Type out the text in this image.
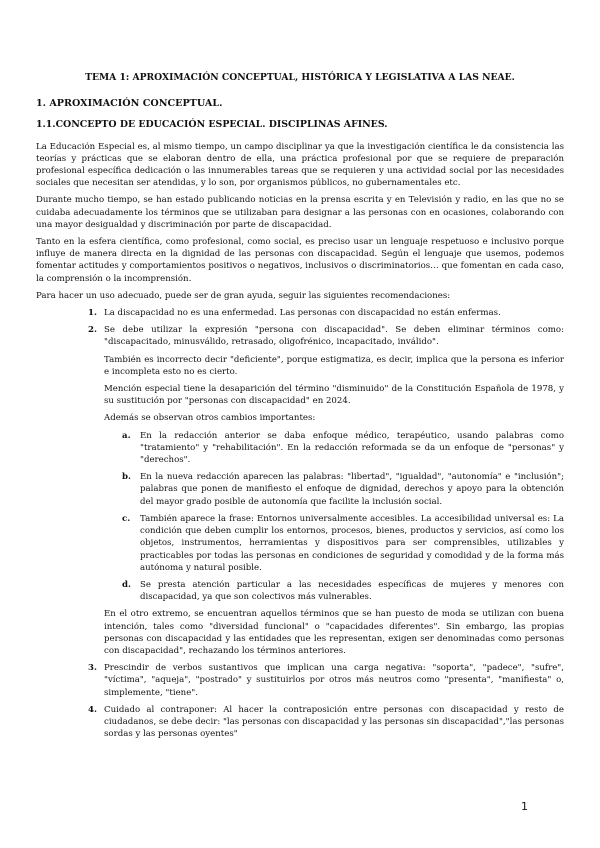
TEMA 1: APROXIMACIÓN CONCEPTUAL, HISTÓRICA Y LEGISLATIVA A LAS NEAE.
1. APROXIMACIÓN CONCEPTUAL.
1.1.CONCEPTO DE EDUCACIÓN ESPECIAL. DISCIPLINAS AFINES.

La Educación Especial es, al mismo tiempo, un campo disciplinar ya que la investigación científica le da consistencia las teorías y prácticas que se elaboran dentro de ella, una práctica profesional por que se requiere de preparación profesional específica dedicación o las innumerables tareas que se requieren y una actividad social por las necesidades sociales que necesitan ser atendidas, y lo son, por organismos públicos, no gubernamentales etc.

Durante mucho tiempo, se han estado publicando noticias en la prensa escrita y en Televisión y radio, en las que no se cuidaba adecuadamente los términos que se utilizaban para designar a las personas con en ocasiones, colaborando con una mayor desigualdad y discriminación por parte de discapacidad.

Tanto en la esfera científica, como profesional, como social, es preciso usar un lenguaje respetuoso e inclusivo porque influye de manera directa en la dignidad de las personas con discapacidad. Según el lenguaje que usemos, podemos fomentar actitudes y comportamientos positivos o negativos, inclusivos o discriminatorios… que fomentan en cada caso, la comprensión o la incomprensión.

Para hacer un uso adecuado, puede ser de gran ayuda, seguir las siguientes recomendaciones:

1. La discapacidad no es una enfermedad. Las personas con discapacidad no están enfermas.
2. Se debe utilizar la expresión "persona con discapacidad". Se deben eliminar términos como: "discapacitado, minusválido, retrasado, oligofrénico, incapacitado, inválido".

También es incorrecto decir "deficiente", porque estigmatiza, es decir, implica que la persona es inferior e incompleta esto no es cierto.

Mención especial tiene la desaparición del término "disminuido" de la Constitución Española de 1978, y su sustitución por "personas con discapacidad" en 2024.

Además se observan otros cambios importantes:

a. En la redacción anterior se daba enfoque médico, terapéutico, usando palabras como "tratamiento" y "rehabilitación". En la redacción reformada se da un enfoque de "personas" y "derechos".
b. En la nueva redacción aparecen las palabras: "libertad", "igualdad", "autonomía" e "inclusión"; palabras que ponen de manifiesto el enfoque de dignidad, derechos y apoyo para la obtención del mayor grado posible de autonomía que facilite la inclusión social.
c. También aparece la frase: Entornos universalmente accesibles. La accesibilidad universal es: La condición que deben cumplir los entornos, procesos, bienes, productos y servicios, así como los objetos, instrumentos, herramientas y dispositivos para ser comprensibles, utilizables y practicables por todas las personas en condiciones de seguridad y comodidad y de la forma más autónoma y natural posible.
d. Se presta atención particular a las necesidades específicas de mujeres y menores con discapacidad, ya que son colectivos más vulnerables.

En el otro extremo, se encuentran aquellos términos que se han puesto de moda se utilizan con buena intención, tales como "diversidad funcional" o "capacidades diferentes". Sin embargo, las propias personas con discapacidad y las entidades que les representan, exigen ser denominadas como personas con discapacidad", rechazando los términos anteriores.

3. Prescindir de verbos sustantivos que implican una carga negativa: "soporta", "padece", "sufre", "víctima", "aqueja", "postrado" y sustituirlos por otros más neutros como "presenta", "manifiesta" o, simplemente, "tiene".
4. Cuidado al contraponer: Al hacer la contraposición entre personas con discapacidad y resto de ciudadanos, se debe decir: "las personas con discapacidad y las personas sin discapacidad","las personas sordas y las personas oyentes"
1
